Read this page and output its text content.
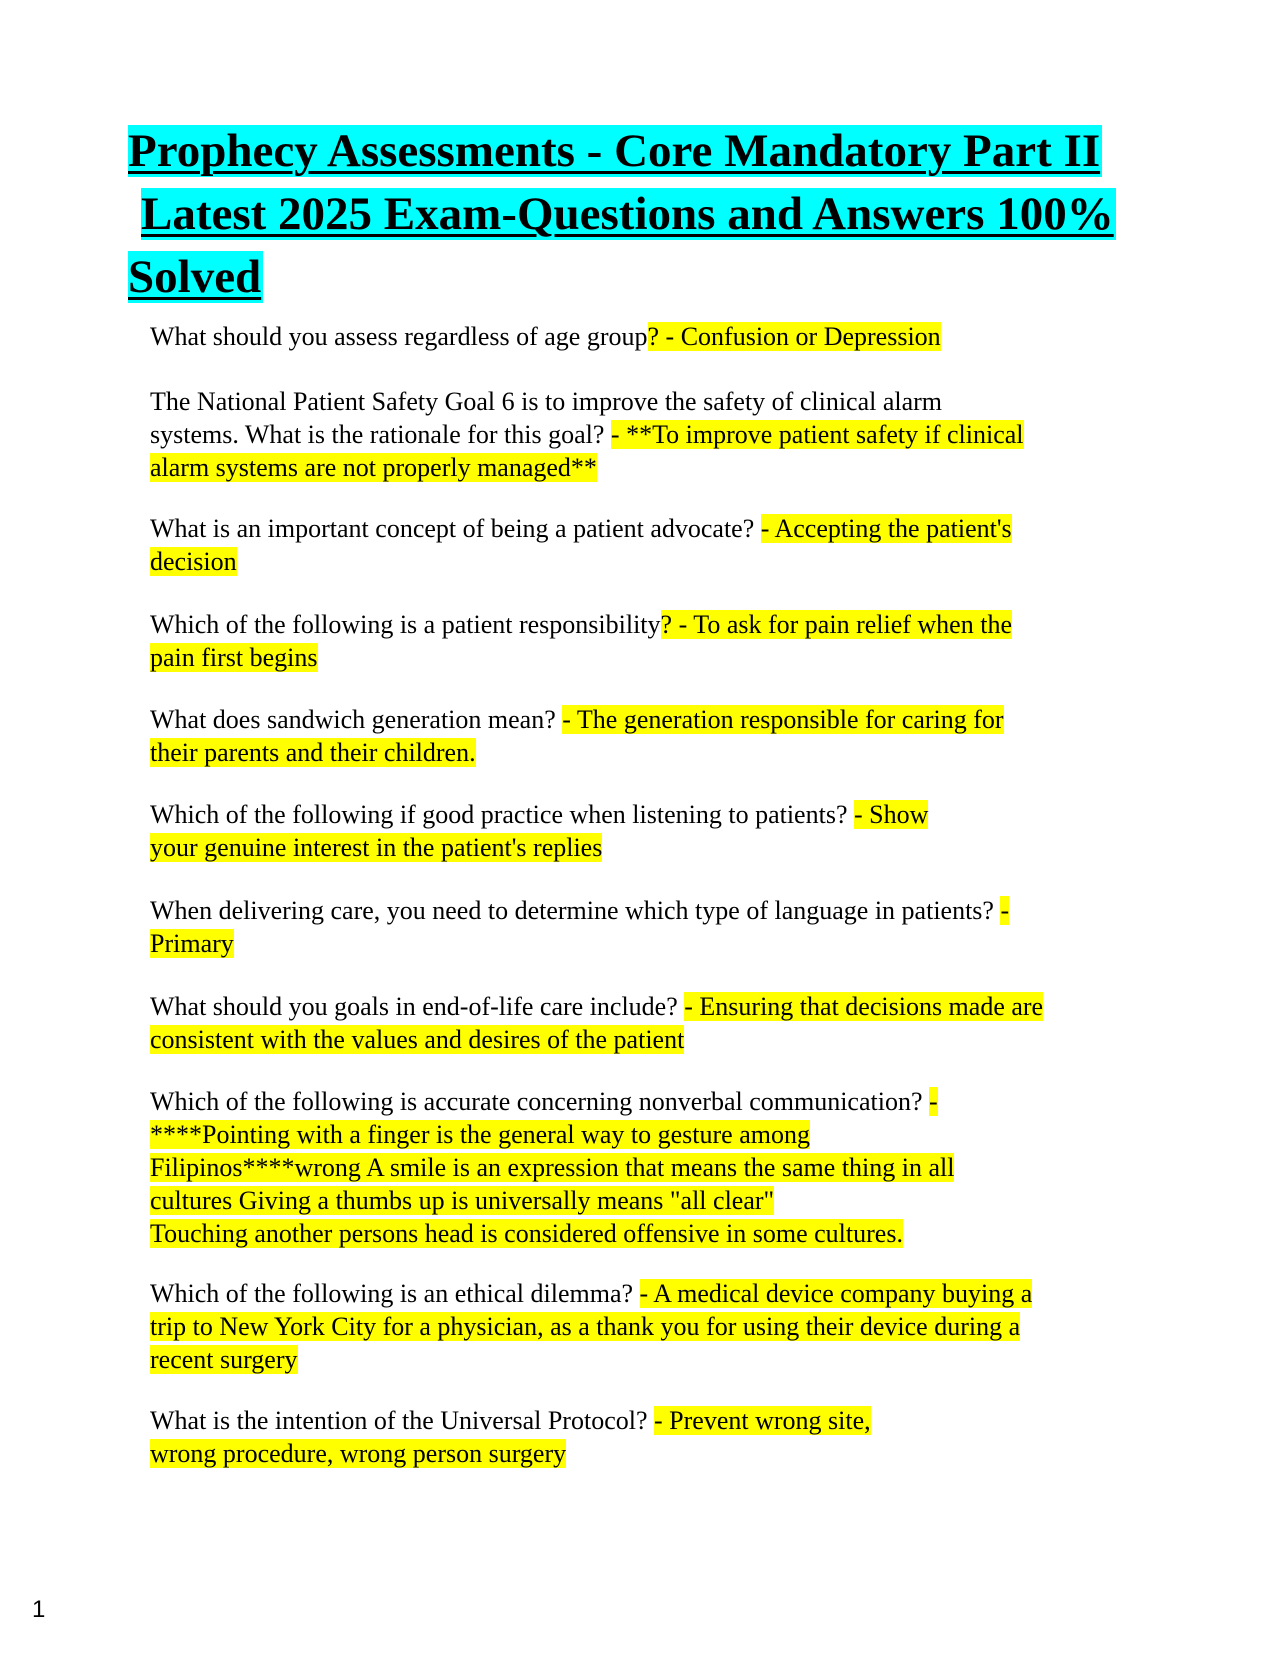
Prophecy Assessments - Core Mandatory Part II
Latest 2025 Exam-Questions and Answers 100%
Solved
What should you assess regardless of age group? - Confusion or Depression
The National Patient Safety Goal 6 is to improve the safety of clinical alarm
systems. What is the rationale for this goal? - **To improve patient safety if clinical
alarm systems are not properly managed**
What is an important concept of being a patient advocate? - Accepting the patient's
decision
Which of the following is a patient responsibility? - To ask for pain relief when the
pain first begins
What does sandwich generation mean? - The generation responsible for caring for
their parents and their children.
Which of the following if good practice when listening to patients? - Show
your genuine interest in the patient's replies
When delivering care, you need to determine which type of language in patients? -
Primary
What should you goals in end-of-life care include? - Ensuring that decisions made are
consistent with the values and desires of the patient
Which of the following is accurate concerning nonverbal communication? -
****Pointing with a finger is the general way to gesture among
Filipinos****wrong A smile is an expression that means the same thing in all
cultures Giving a thumbs up is universally means "all clear"
Touching another persons head is considered offensive in some cultures.
Which of the following is an ethical dilemma? - A medical device company buying a
trip to New York City for a physician, as a thank you for using their device during a
recent surgery
What is the intention of the Universal Protocol? - Prevent wrong site,
wrong procedure, wrong person surgery
1
